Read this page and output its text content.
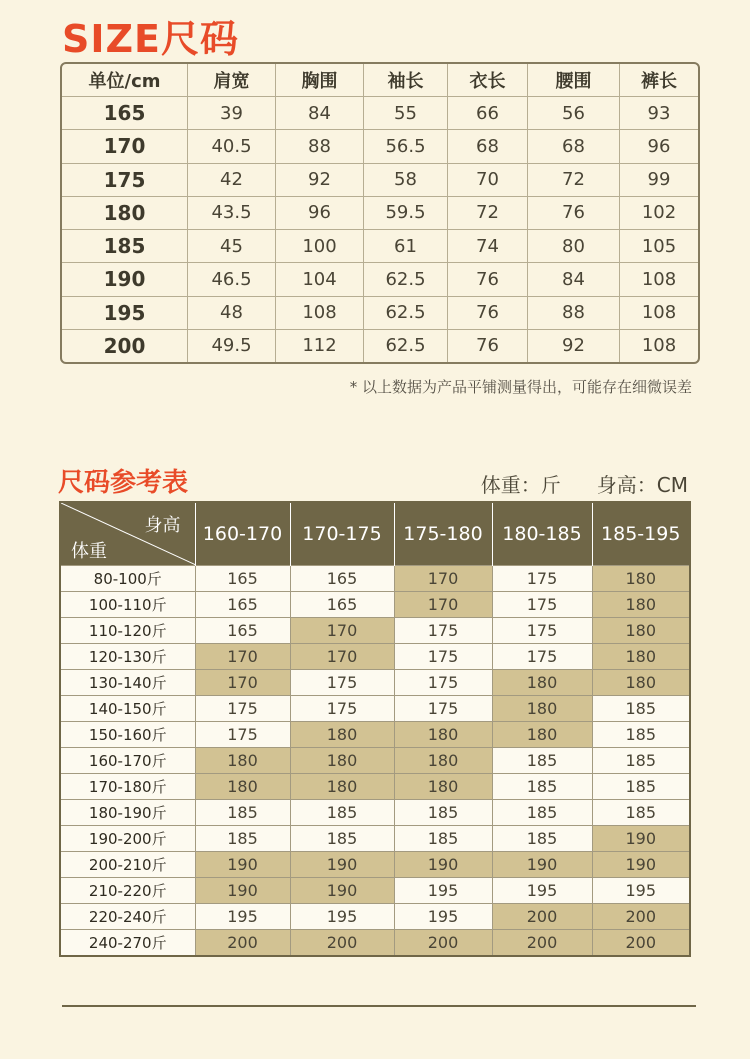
SIZE尺码
单位/cm	肩宽	胸围	袖长	衣长	腰围	裤长
165	39	84	55	66	56	93
170	40.5	88	56.5	68	68	96
175	42	92	58	70	72	99
180	43.5	96	59.5	72	76	102
185	45	100	61	74	80	105
190	46.5	104	62.5	76	84	108
195	48	108	62.5	76	88	108
200	49.5	112	62.5	76	92	108
* 以上数据为产品平铺测量得出，可能存在细微误差
尺码参考表	体重：斤 身高：CM
身高
体重	160-170	170-175	175-180	180-185	185-195
80-100斤	165	165	170	175	180
100-110斤	165	165	170	175	180
110-120斤	165	170	175	175	180
120-130斤	170	170	175	175	180
130-140斤	170	175	175	180	180
140-150斤	175	175	175	180	185
150-160斤	175	180	180	180	185
160-170斤	180	180	180	185	185
170-180斤	180	180	180	185	185
180-190斤	185	185	185	185	185
190-200斤	185	185	185	185	190
200-210斤	190	190	190	190	190
210-220斤	190	190	195	195	195
220-240斤	195	195	195	200	200
240-270斤	200	200	200	200	200
